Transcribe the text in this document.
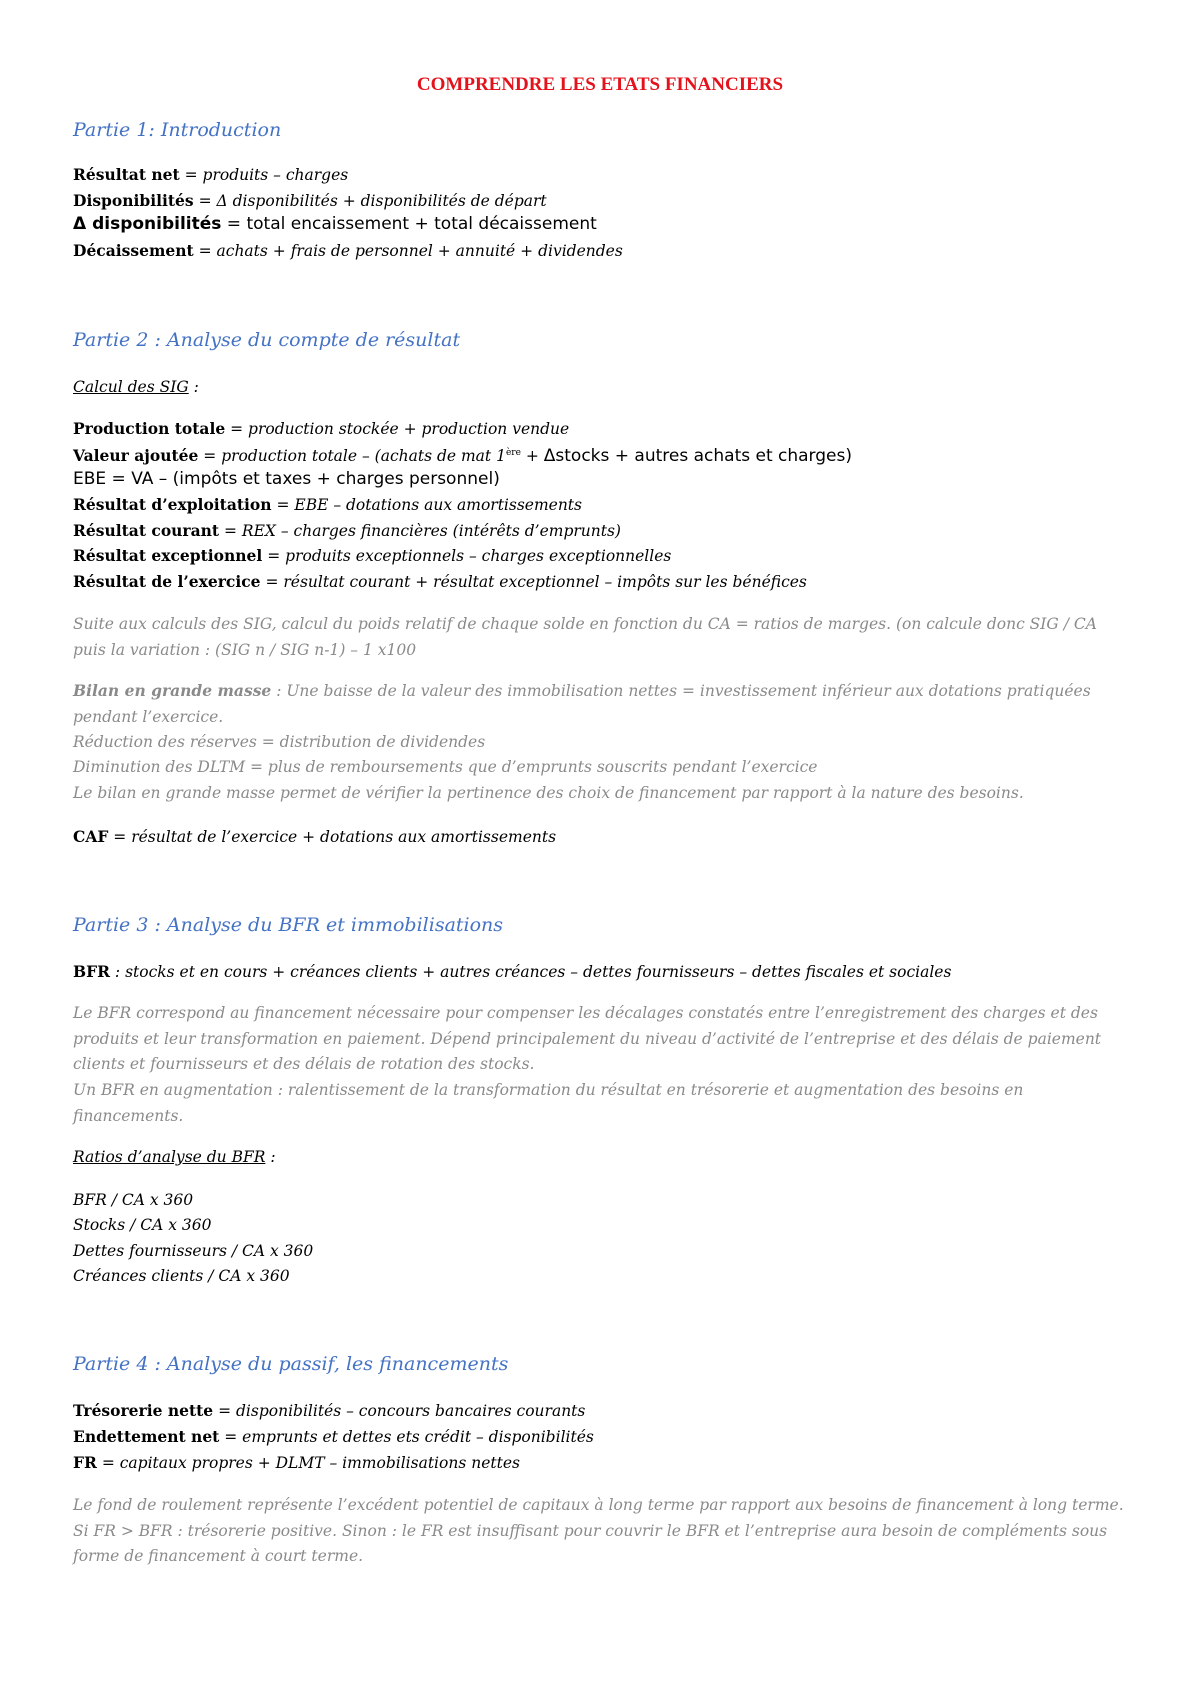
COMPRENDRE LES ETATS FINANCIERS
Partie 1: Introduction
Résultat net = produits – charges
Disponibilités = Δ disponibilités + disponibilités de départ
Δ disponibilités = total encaissement + total décaissement
Décaissement = achats + frais de personnel + annuité + dividendes
Partie 2 : Analyse du compte de résultat
Calcul des SIG :
Production totale = production stockée + production vendue
Valeur ajoutée = production totale – (achats de mat 1ère + Δstocks + autres achats et charges)
EBE = VA – (impôts et taxes + charges personnel)
Résultat d’exploitation = EBE – dotations aux amortissements
Résultat courant = REX – charges financières (intérêts d’emprunts)
Résultat exceptionnel = produits exceptionnels – charges exceptionnelles
Résultat de l’exercice = résultat courant + résultat exceptionnel – impôts sur les bénéfices
Suite aux calculs des SIG, calcul du poids relatif de chaque solde en fonction du CA = ratios de marges. (on calcule donc SIG / CA puis la variation : (SIG n / SIG n-1) – 1 x100
Bilan en grande masse : Une baisse de la valeur des immobilisation nettes = investissement inférieur aux dotations pratiquées pendant l’exercice.
Réduction des réserves = distribution de dividendes
Diminution des DLTM = plus de remboursements que d’emprunts souscrits pendant l’exercice
Le bilan en grande masse permet de vérifier la pertinence des choix de financement par rapport à la nature des besoins.
CAF = résultat de l’exercice + dotations aux amortissements
Partie 3 : Analyse du BFR et immobilisations
BFR : stocks et en cours + créances clients + autres créances – dettes fournisseurs – dettes fiscales et sociales
Le BFR correspond au financement nécessaire pour compenser les décalages constatés entre l’enregistrement des charges et des produits et leur transformation en paiement. Dépend principalement du niveau d’activité de l’entreprise et des délais de paiement clients et fournisseurs et des délais de rotation des stocks.
Un BFR en augmentation : ralentissement de la transformation du résultat en trésorerie et augmentation des besoins en financements.
Ratios d’analyse du BFR :
BFR / CA x 360
Stocks / CA x 360
Dettes fournisseurs / CA x 360
Créances clients / CA x 360
Partie 4 : Analyse du passif, les financements
Trésorerie nette = disponibilités – concours bancaires courants
Endettement net = emprunts et dettes ets crédit – disponibilités
FR = capitaux propres + DLMT – immobilisations nettes
Le fond de roulement représente l’excédent potentiel de capitaux à long terme par rapport aux besoins de financement à long terme. Si FR > BFR : trésorerie positive. Sinon : le FR est insuffisant pour couvrir le BFR et l’entreprise aura besoin de compléments sous forme de financement à court terme.
